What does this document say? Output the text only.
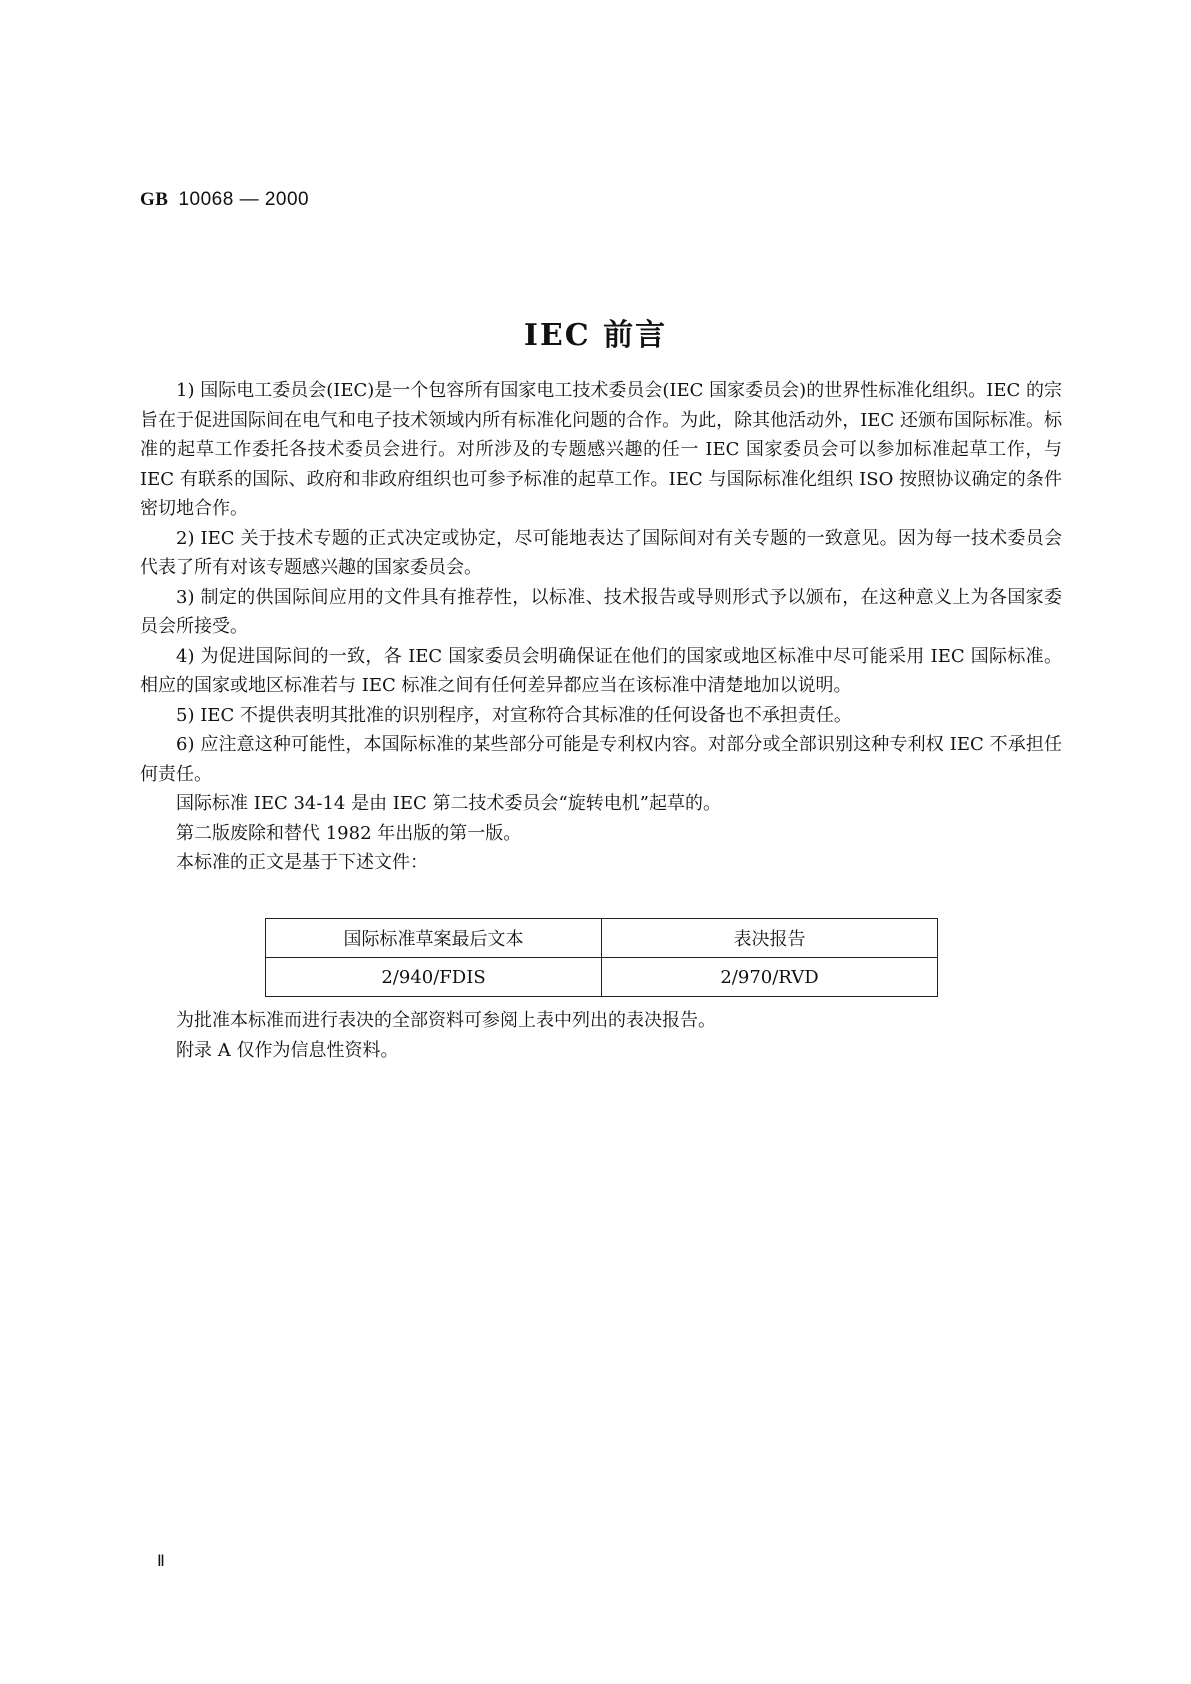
GB 10068 — 2000
IEC 前言

1) 国际电工委员会(IEC)是一个包容所有国家电工技术委员会(IEC 国家委员会)的世界性标准化组织。IEC 的宗旨在于促进国际间在电气和电子技术领域内所有标准化问题的合作。为此，除其他活动外，IEC 还颁布国际标准。标准的起草工作委托各技术委员会进行。对所涉及的专题感兴趣的任一 IEC 国家委员会可以参加标准起草工作，与 IEC 有联系的国际、政府和非政府组织也可参予标准的起草工作。IEC 与国际标准化组织 ISO 按照协议确定的条件密切地合作。

2) IEC 关于技术专题的正式决定或协定，尽可能地表达了国际间对有关专题的一致意见。因为每一技术委员会代表了所有对该专题感兴趣的国家委员会。

3) 制定的供国际间应用的文件具有推荐性，以标准、技术报告或导则形式予以颁布，在这种意义上为各国家委员会所接受。

4) 为促进国际间的一致，各 IEC 国家委员会明确保证在他们的国家或地区标准中尽可能采用 IEC 国际标准。相应的国家或地区标准若与 IEC 标准之间有任何差异都应当在该标准中清楚地加以说明。

5) IEC 不提供表明其批准的识别程序，对宣称符合其标准的任何设备也不承担责任。

6) 应注意这种可能性，本国际标准的某些部分可能是专利权内容。对部分或全部识别这种专利权 IEC 不承担任何责任。

国际标准 IEC 34-14 是由 IEC 第二技术委员会“旋转电机”起草的。

第二版废除和替代 1982 年出版的第一版。

本标准的正文是基于下述文件：

国际标准草案最后文本	表决报告
2/940/FDIS	2/970/RVD

为批准本标准而进行表决的全部资料可参阅上表中列出的表决报告。

附录 A 仅作为信息性资料。

Ⅱ
